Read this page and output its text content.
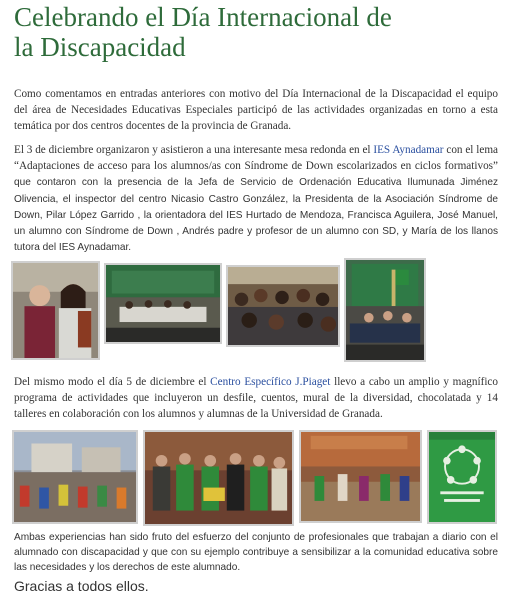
Celebrando el Día Internacional de
la Discapacidad

Como comentamos en entradas anteriores con motivo del Día Internacional de la Discapacidad el equipo del área de Necesidades Educativas Especiales participó de las actividades organizadas en torno a esta temática por dos centros docentes de la provincia de Granada.

El 3 de diciembre organizaron y asistieron a una interesante mesa redonda en el IES Aynadamar con el lema “Adaptaciones de acceso para los alumnos/as con Síndrome de Down escolarizados en ciclos formativos” que contaron con la presencia de la Jefa de Servicio de Ordenación Educativa Ilumunada Jiménez Olivencia, el inspector del centro Nicasio Castro González, la Presidenta de la Asociación Síndrome de Down, Pilar López Garrido , la orientadora del IES Hurtado de Mendoza, Francisca Aguilera, José Manuel, un alumno con Síndrome de Down , Andrés padre y profesor de un alumno con SD, y María de los llanos tutora del IES Aynadamar.

Del mismo modo el día 5 de diciembre el Centro Específico J.Piaget llevo a cabo un amplio y magnífico programa de actividades que incluyeron un desfile, cuentos, mural de la diversidad, chocolatada y 14 talleres en colaboración con los alumnos y alumnas de la Universidad de Granada.

Ambas experiencias han sido fruto del esfuerzo del conjunto de profesionales que trabajan a diario con el alumnado con discapacidad y que con su ejemplo contribuye a sensibilizar a la comunidad educativa sobre las necesidades y los derechos de este alumnado.

Gracias a todos ellos.
